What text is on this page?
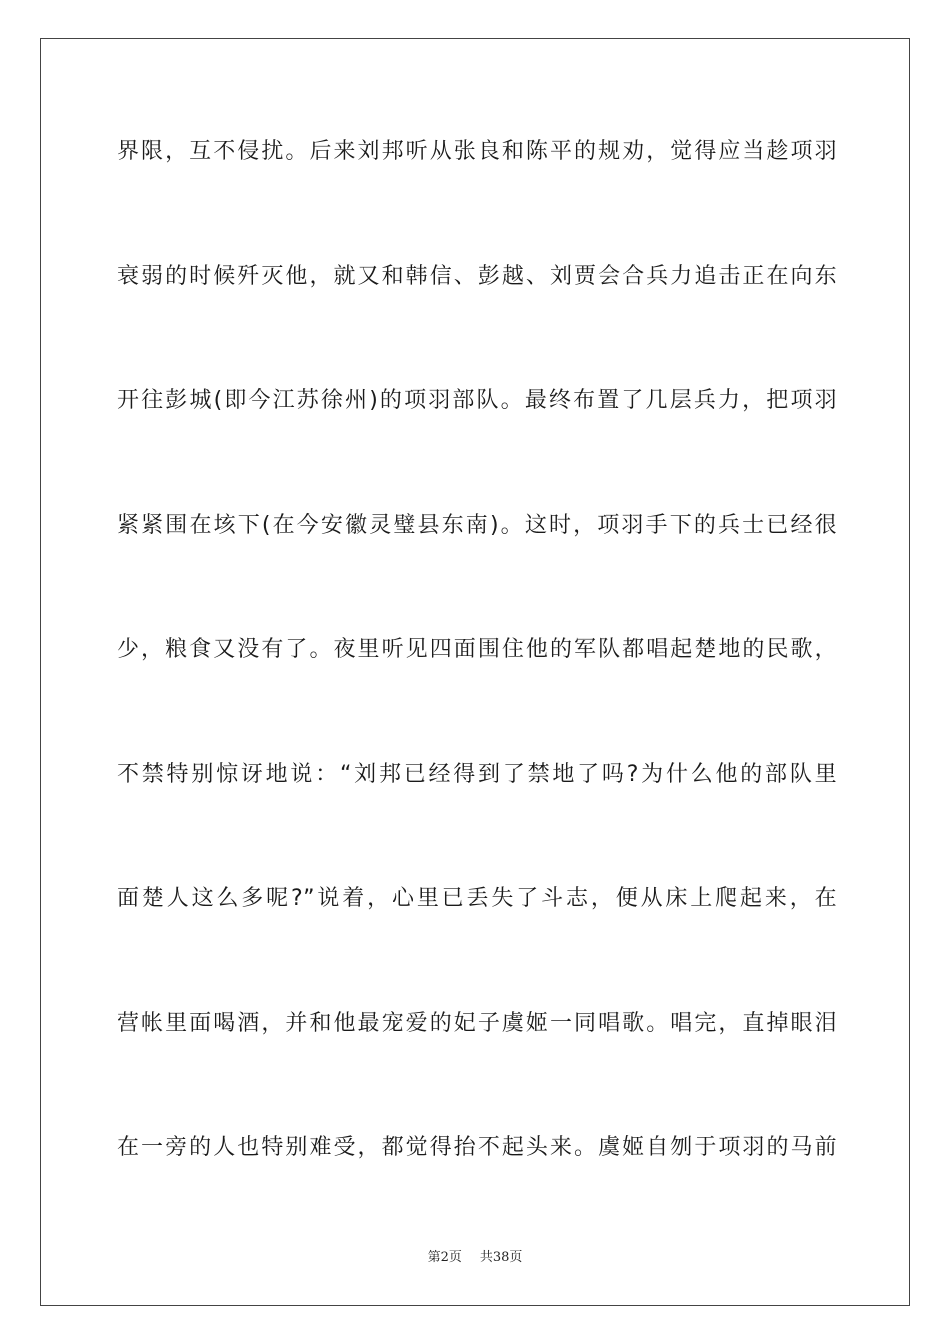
界限，互不侵扰。后来刘邦听从张良和陈平的规劝，觉得应当趁项羽
衰弱的时候歼灭他，就又和韩信、彭越、刘贾会合兵力追击正在向东
开往彭城(即今江苏徐州)的项羽部队。最终布置了几层兵力，把项羽
紧紧围在垓下(在今安徽灵璧县东南)。这时，项羽手下的兵士已经很
少，粮食又没有了。夜里听见四面围住他的军队都唱起楚地的民歌，
不禁特别惊讶地说：“刘邦已经得到了禁地了吗?为什么他的部队里
面楚人这么多呢?”说着，心里已丢失了斗志，便从床上爬起来，在
营帐里面喝酒，并和他最宠爱的妃子虞姬一同唱歌。唱完，直掉眼泪
在一旁的人也特别难受，都觉得抬不起头来。虞姬自刎于项羽的马前
第2页 共38页
